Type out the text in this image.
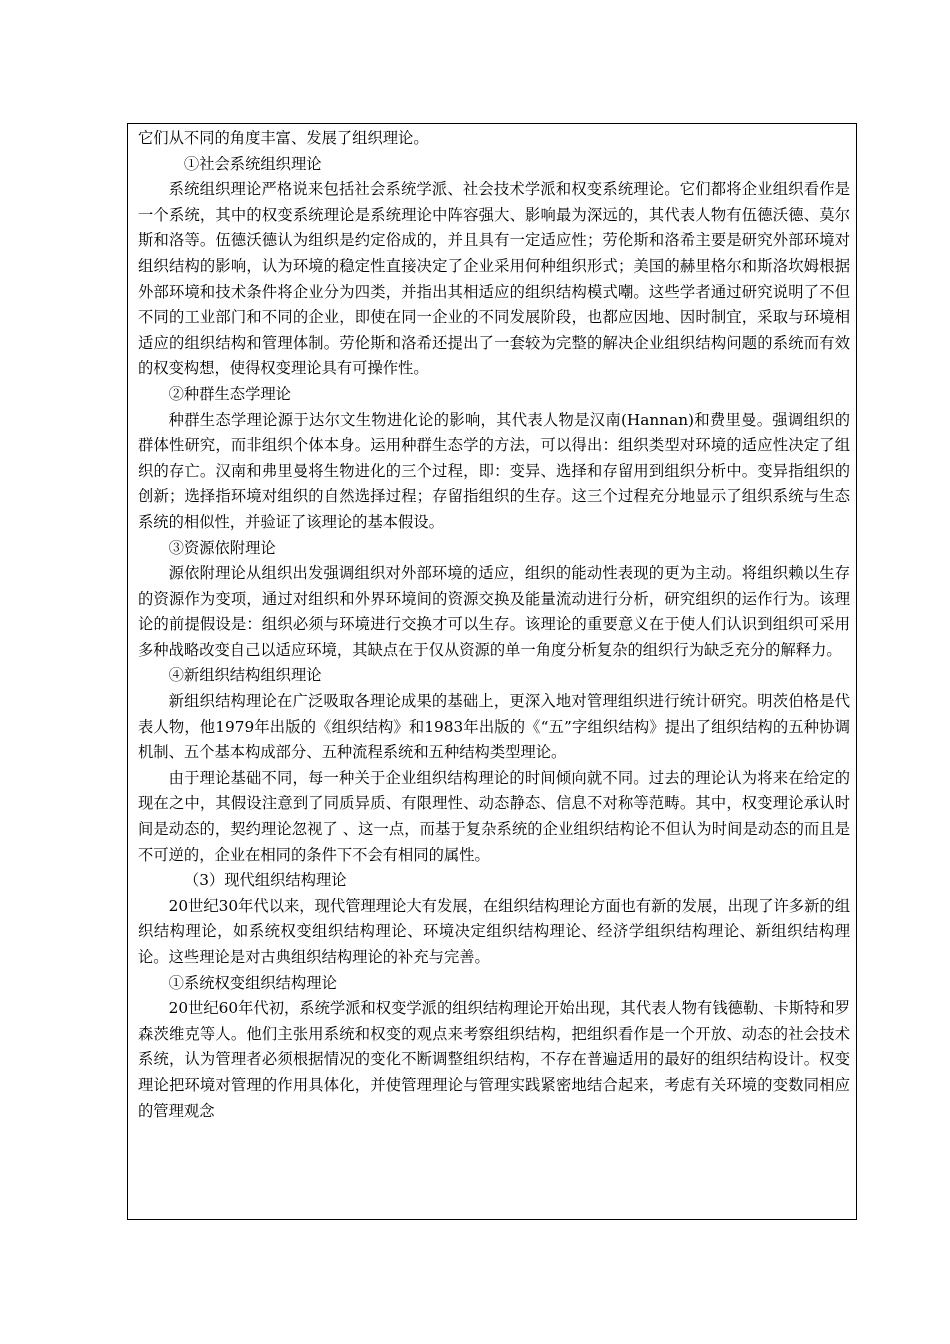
它们从不同的角度丰富、发展了组织理论。

①社会系统组织理论

系统组织理论严格说来包括社会系统学派、社会技术学派和权变系统理论。它们都将企业组织看作是一个系统，其中的权变系统理论是系统理论中阵容强大、影响最为深远的，其代表人物有伍德沃德、莫尔斯和洛等。伍德沃德认为组织是约定俗成的，并且具有一定适应性；劳伦斯和洛希主要是研究外部环境对组织结构的影响，认为环境的稳定性直接决定了企业采用何种组织形式；美国的赫里格尔和斯洛坎姆根据外部环境和技术条件将企业分为四类，并指出其相适应的组织结构模式嘲。这些学者通过研究说明了不但不同的工业部门和不同的企业，即使在同一企业的不同发展阶段，也都应因地、因时制宜，采取与环境相适应的组织结构和管理体制。劳伦斯和洛希还提出了一套较为完整的解决企业组织结构问题的系统而有效的权变构想，使得权变理论具有可操作性。

②种群生态学理论

种群生态学理论源于达尔文生物进化论的影响，其代表人物是汉南(Hannan)和费里曼。强调组织的群体性研究，而非组织个体本身。运用种群生态学的方法，可以得出：组织类型对环境的适应性决定了组织的存亡。汉南和弗里曼将生物进化的三个过程，即：变异、选择和存留用到组织分析中。变异指组织的创新；选择指环境对组织的自然选择过程；存留指组织的生存。这三个过程充分地显示了组织系统与生态系统的相似性，并验证了该理论的基本假设。

③资源依附理论

源依附理论从组织出发强调组织对外部环境的适应，组织的能动性表现的更为主动。将组织赖以生存的资源作为变项，通过对组织和外界环境间的资源交换及能量流动进行分析，研究组织的运作行为。该理论的前提假设是：组织必须与环境进行交换才可以生存。该理论的重要意义在于使人们认识到组织可采用多种战略改变自己以适应环境，其缺点在于仅从资源的单一角度分析复杂的组织行为缺乏充分的解释力。

④新组织结构组织理论

新组织结构理论在广泛吸取各理论成果的基础上，更深入地对管理组织进行统计研究。明茨伯格是代表人物，他1979年出版的《组织结构》和1983年出版的《“五”字组织结构》提出了组织结构的五种协调机制、五个基本构成部分、五种流程系统和五种结构类型理论。

由于理论基础不同，每一种关于企业组织结构理论的时间倾向就不同。过去的理论认为将来在给定的现在之中，其假设注意到了同质异质、有限理性、动态静态、信息不对称等范畴。其中，权变理论承认时间是动态的，契约理论忽视了 、这一点，而基于复杂系统的企业组织结构论不但认为时间是动态的而且是不可逆的，企业在相同的条件下不会有相同的属性。

（3）现代组织结构理论

20世纪30年代以来，现代管理理论大有发展，在组织结构理论方面也有新的发展，出现了许多新的组织结构理论，如系统权变组织结构理论、环境决定组织结构理论、经济学组织结构理论、新组织结构理论。这些理论是对古典组织结构理论的补充与完善。

①系统权变组织结构理论

20世纪60年代初，系统学派和权变学派的组织结构理论开始出现，其代表人物有钱德勒、卡斯特和罗森茨维克等人。他们主张用系统和权变的观点来考察组织结构，把组织看作是一个开放、动态的社会技术系统，认为管理者必须根据情况的变化不断调整组织结构，不存在普遍适用的最好的组织结构设计。权变理论把环境对管理的作用具体化，并使管理理论与管理实践紧密地结合起来，考虑有关环境的变数同相应的管理观念
